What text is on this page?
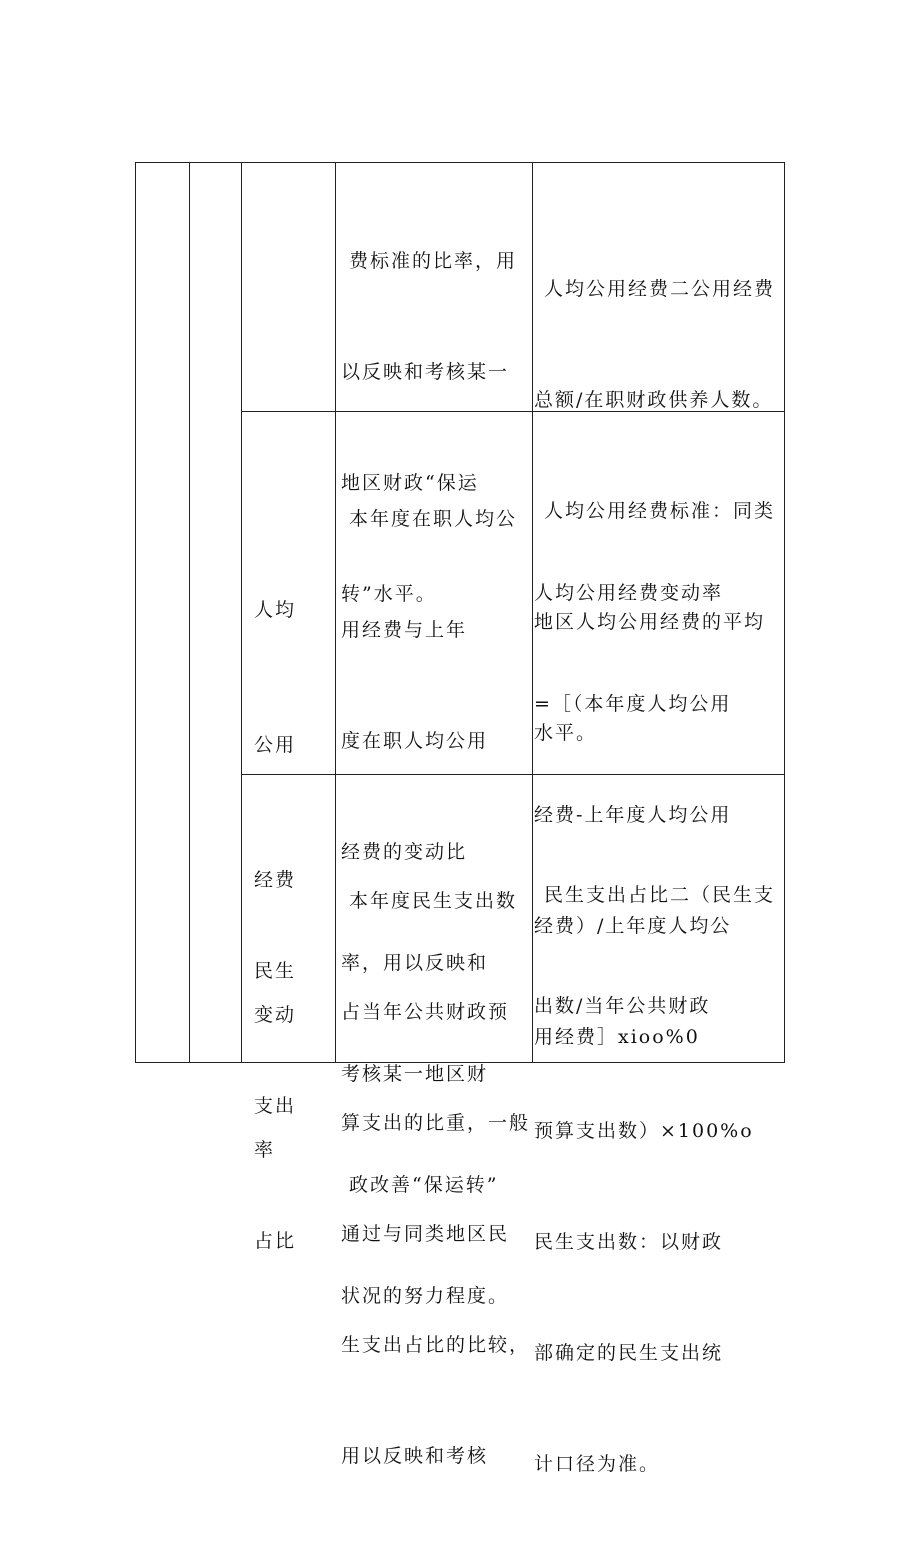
费标准的比率，用

以反映和考核某一

地区财政“保运

转”水平。

人均公用经费二公用经费

总额/在职财政供养人数。

人均公用经费标准：同类

地区人均公用经费的平均

水平。

人均

公用

经费

变动

率

本年度在职人均公

用经费与上年

度在职人均公用

经费的变动比

率，用以反映和

考核某一地区财

政改善“保运转”

状况的努力程度。

人均公用经费变动率

=［（本年度人均公用

经费-上年度人均公用

经费）/上年度人均公

用经费］ⅹioo%0

民生

支出

占比

本年度民生支出数

占当年公共财政预

算支出的比重，一般

通过与同类地区民

生支出占比的比较，

用以反映和考核

民生支出占比二（民生支

出数/当年公共财政

预算支出数）×100%o

民生支出数：以财政

部确定的民生支出统

计口径为准。
